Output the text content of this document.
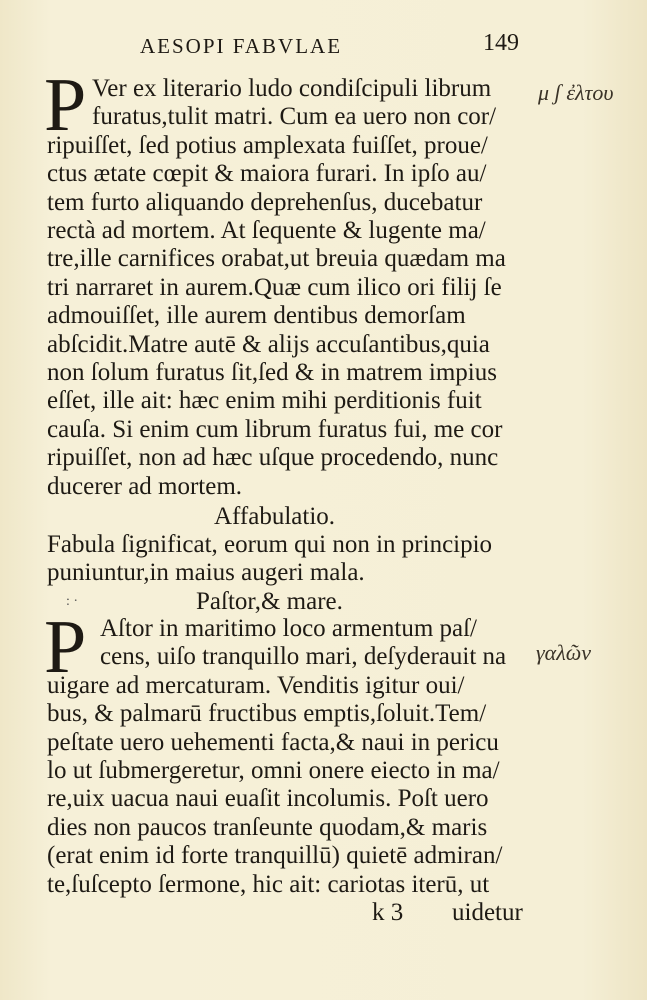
AESOPI FABVLAE	149
P Ver ex literario ludo condiſcipuli librum
furatus,tulit matri. Cum ea uero non cor/
ripuiſſet, ſed potius amplexata fuiſſet, proue/
ctus ætate cœpit & maiora furari. In ipſo au/
tem furto aliquando deprehenſus, ducebatur
rectà ad mortem. At ſequente & lugente ma/
tre,ille carnifices orabat,ut breuia quædam ma
tri narraret in aurem.Quæ cum ilico ori filij ſe
admouiſſet, ille aurem dentibus demorſam
abſcidit.Matre autē & alijs accuſantibus,quia
non ſolum furatus ſit,ſed & in matrem impius
eſſet, ille ait: hæc enim mihi perditionis fuit
cauſa. Si enim cum librum furatus fui, me cor
ripuiſſet, non ad hæc uſque procedendo, nunc
ducerer ad mortem.
Affabulatio.
Fabula ſignificat, eorum qui non in principio
puniuntur,in maius augeri mala.
: ·	Paſtor,& mare.
P Aſtor in maritimo loco armentum paſ/
cens, uiſo tranquillo mari, deſyderauit na
uigare ad mercaturam. Venditis igitur oui/
bus, & palmarū fructibus emptis,ſoluit.Tem/
peſtate uero uehementi facta,& naui in pericu
lo ut ſubmergeretur, omni onere eiecto in ma/
re,uix uacua naui euaſit incolumis. Poſt uero
dies non paucos tranſeunte quodam,& maris
(erat enim id forte tranquillū) quietē admiran/
te,ſuſcepto ſermone, hic ait: cariotas iterū, ut
k 3 uidetur
μ ʃ ἐλτου
γαλῶν
